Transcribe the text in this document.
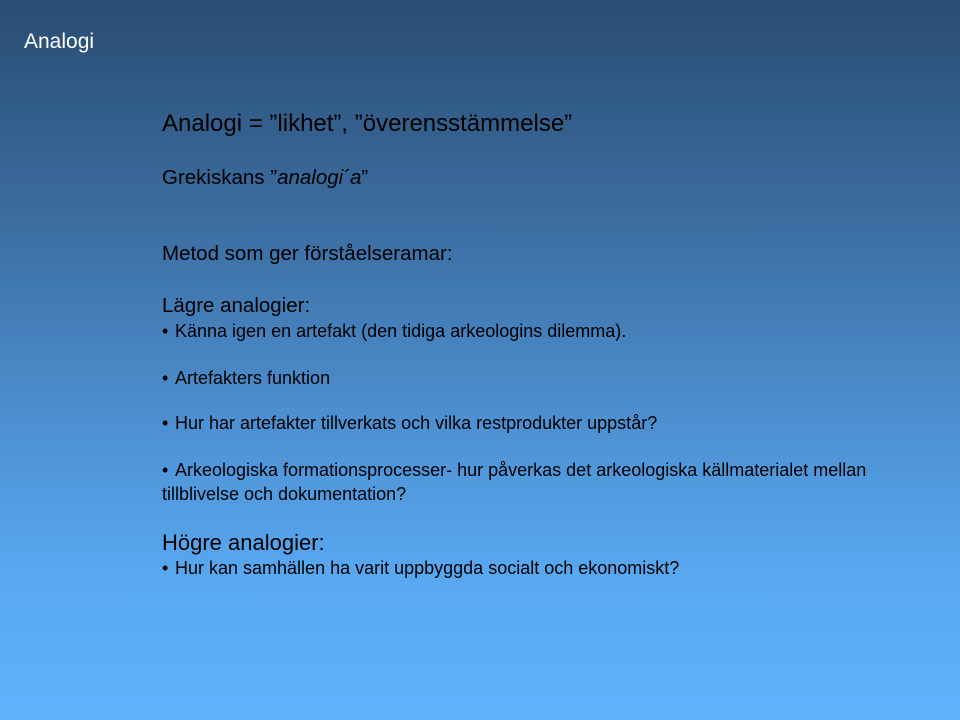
Analogi
Analogi = ”likhet”, ”överensstämmelse”
Grekiskans ”analogi´a”
Metod som ger förståelseramar:
Lägre analogier:
• Känna igen en artefakt (den tidiga arkeologins dilemma).
• Artefakters funktion
• Hur har artefakter tillverkats och vilka restprodukter uppstår?
• Arkeologiska formationsprocesser- hur påverkas det arkeologiska källmaterialet mellan tillblivelse och dokumentation?
Högre analogier:
• Hur kan samhällen ha varit uppbyggda socialt och ekonomiskt?
